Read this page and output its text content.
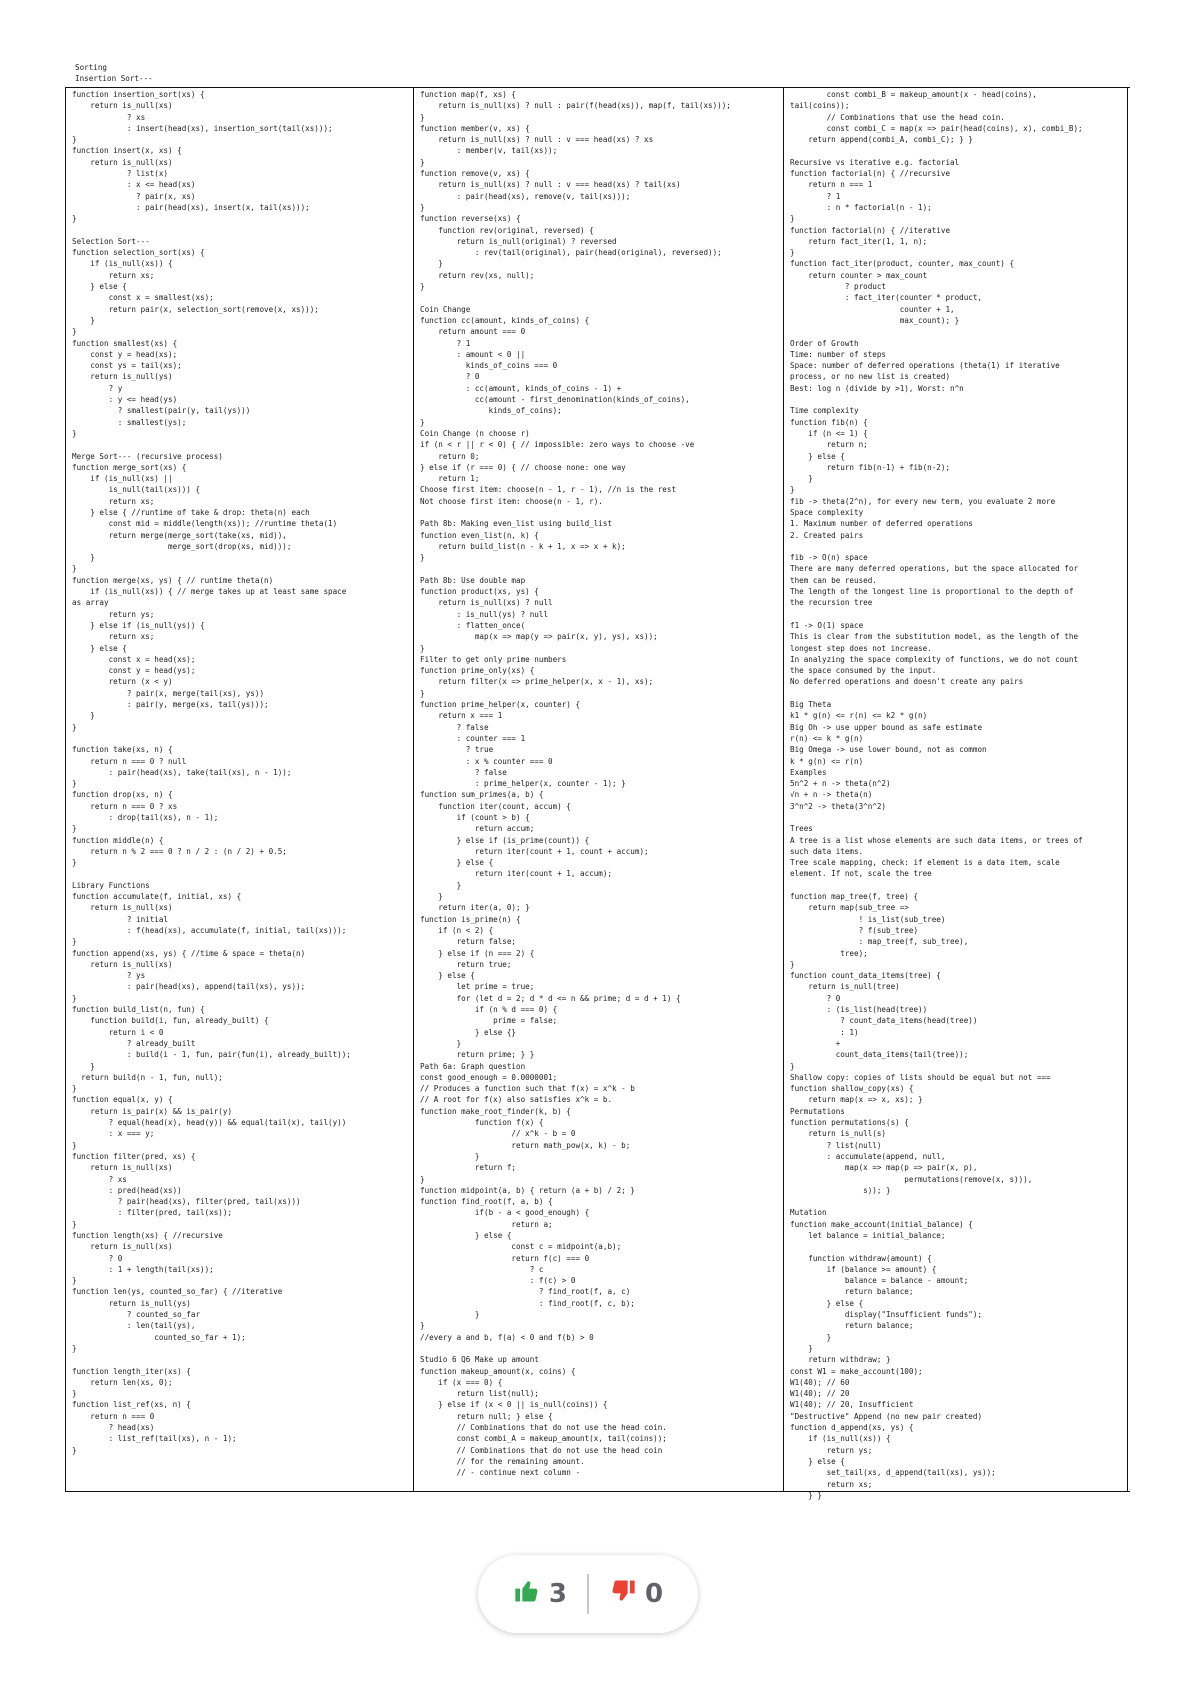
Sorting
Insertion Sort---
function insertion_sort(xs) {
return is_null(xs)
? xs
: insert(head(xs), insertion_sort(tail(xs)));
}
function insert(x, xs) {
return is_null(xs)
? list(x)
: x <= head(xs)
? pair(x, xs)
: pair(head(xs), insert(x, tail(xs)));
}

Selection Sort---
function selection_sort(xs) {
if (is_null(xs)) {
return xs;
} else {
const x = smallest(xs);
return pair(x, selection_sort(remove(x, xs)));
}
}
function smallest(xs) {
const y = head(xs);
const ys = tail(xs);
return is_null(ys)
? y
: y <= head(ys)
? smallest(pair(y, tail(ys)))
: smallest(ys);
}

Merge Sort--- (recursive process)
function merge_sort(xs) {
if (is_null(xs) ||
is_null(tail(xs))) {
return xs;
} else { //runtime of take & drop: theta(n) each
const mid = middle(length(xs)); //runtime theta(1)
return merge(merge_sort(take(xs, mid)),
merge_sort(drop(xs, mid)));
}
}
function merge(xs, ys) { // runtime theta(n)
if (is_null(xs)) { // merge takes up at least same space
as array
return ys;
} else if (is_null(ys)) {
return xs;
} else {
const x = head(xs);
const y = head(ys);
return (x < y)
? pair(x, merge(tail(xs), ys))
: pair(y, merge(xs, tail(ys)));
}
}

function take(xs, n) {
return n === 0 ? null
: pair(head(xs), take(tail(xs), n - 1));
}
function drop(xs, n) {
return n === 0 ? xs
: drop(tail(xs), n - 1);
}
function middle(n) {
return n % 2 === 0 ? n / 2 : (n / 2) + 0.5;
}

Library Functions
function accumulate(f, initial, xs) {
return is_null(xs)
? initial
: f(head(xs), accumulate(f, initial, tail(xs)));
}
function append(xs, ys) { //time & space = theta(n)
return is_null(xs)
? ys
: pair(head(xs), append(tail(xs), ys));
}
function build_list(n, fun) {
function build(i, fun, already_built) {
return i < 0
? already_built
: build(i - 1, fun, pair(fun(i), already_built));
}
return build(n - 1, fun, null);
}
function equal(x, y) {
return is_pair(x) && is_pair(y)
? equal(head(x), head(y)) && equal(tail(x), tail(y))
: x === y;
}
function filter(pred, xs) {
return is_null(xs)
? xs
: pred(head(xs))
? pair(head(xs), filter(pred, tail(xs)))
: filter(pred, tail(xs));
}
function length(xs) { //recursive
return is_null(xs)
? 0
: 1 + length(tail(xs));
}
function len(ys, counted_so_far) { //iterative
return is_null(ys)
? counted_so_far
: len(tail(ys),
counted_so_far + 1);
}

function length_iter(xs) {
return len(xs, 0);
}
function list_ref(xs, n) {
return n === 0
? head(xs)
: list_ref(tail(xs), n - 1);
}
function map(f, xs) {
return is_null(xs) ? null : pair(f(head(xs)), map(f, tail(xs)));
}
function member(v, xs) {
return is_null(xs) ? null : v === head(xs) ? xs
: member(v, tail(xs));
}
function remove(v, xs) {
return is_null(xs) ? null : v === head(xs) ? tail(xs)
: pair(head(xs), remove(v, tail(xs)));
}
function reverse(xs) {
function rev(original, reversed) {
return is_null(original) ? reversed
: rev(tail(original), pair(head(original), reversed));
}
return rev(xs, null);
}

Coin Change
function cc(amount, kinds_of_coins) {
return amount === 0
? 1
: amount < 0 ||
kinds_of_coins === 0
? 0
: cc(amount, kinds_of_coins - 1) +
cc(amount - first_denomination(kinds_of_coins),
kinds_of_coins);
}
Coin Change (n choose r)
if (n < r || r < 0) { // impossible: zero ways to choose -ve
return 0;
} else if (r === 0) { // choose none: one way
return 1;
Choose first item: choose(n - 1, r - 1), //n is the rest
Not choose first item: choose(n - 1, r).

Path 8b: Making even_list using build_list
function even_list(n, k) {
return build_list(n - k + 1, x => x + k);
}

Path 8b: Use double map
function product(xs, ys) {
return is_null(xs) ? null
: is_null(ys) ? null
: flatten_once(
map(x => map(y => pair(x, y), ys), xs));
}
Filter to get only prime numbers
function prime_only(xs) {
return filter(x => prime_helper(x, x - 1), xs);
}
function prime_helper(x, counter) {
return x === 1
? false
: counter === 1
? true
: x % counter === 0
? false
: prime_helper(x, counter - 1); }
function sum_primes(a, b) {
function iter(count, accum) {
if (count > b) {
return accum;
} else if (is_prime(count)) {
return iter(count + 1, count + accum);
} else {
return iter(count + 1, accum);
}
}
return iter(a, 0); }
function is_prime(n) {
if (n < 2) {
return false;
} else if (n === 2) {
return true;
} else {
let prime = true;
for (let d = 2; d * d <= n && prime; d = d + 1) {
if (n % d === 0) {
prime = false;
} else {}
}
return prime; } }
Path 6a: Graph question
const good_enough = 0.0000001;
// Produces a function such that f(x) = x^k - b
// A root for f(x) also satisfies x^k = b.
function make_root_finder(k, b) {
function f(x) {
// x^k - b = 0
return math_pow(x, k) - b;
}
return f;
}
function midpoint(a, b) { return (a + b) / 2; }
function find_root(f, a, b) {
if(b - a < good_enough) {
return a;
} else {
const c = midpoint(a,b);
return f(c) === 0
? c
: f(c) > 0
? find_root(f, a, c)
: find_root(f, c, b);
}
}
//every a and b, f(a) < 0 and f(b) > 0

Studio 6 Q6 Make up amount
function makeup_amount(x, coins) {
if (x === 0) {
return list(null);
} else if (x < 0 || is_null(coins)) {
return null; } else {
// Combinations that do not use the head coin.
const combi_A = makeup_amount(x, tail(coins));
// Combinations that do not use the head coin
// for the remaining amount.
// - continue next column -
const combi_B = makeup_amount(x - head(coins),
tail(coins));
// Combinations that use the head coin.
const combi_C = map(x => pair(head(coins), x), combi_B);
return append(combi_A, combi_C); } }

Recursive vs iterative e.g. factorial
function factorial(n) { //recursive
return n === 1
? 1
: n * factorial(n - 1);
}
function factorial(n) { //iterative
return fact_iter(1, 1, n);
}
function fact_iter(product, counter, max_count) {
return counter > max_count
? product
: fact_iter(counter * product,
counter + 1,
max_count); }

Order of Growth
Time: number of steps
Space: number of deferred operations (theta(1) if iterative
process, or no new list is created)
Best: log n (divide by >1), Worst: n^n

Time complexity
function fib(n) {
if (n <= 1) {
return n;
} else {
return fib(n-1) + fib(n-2);
}
}
fib -> theta(2^n), for every new term, you evaluate 2 more
Space complexity
1. Maximum number of deferred operations
2. Created pairs

fib -> O(n) space
There are many deferred operations, but the space allocated for
them can be reused.
The length of the longest line is proportional to the depth of
the recursion tree

f1 -> O(1) space
This is clear from the substitution model, as the length of the
longest step does not increase.
In analyzing the space complexity of functions, we do not count
the space consumed by the input.
No deferred operations and doesn't create any pairs

Big Theta
k1 * g(n) <= r(n) <= k2 * g(n)
Big Oh -> use upper bound as safe estimate
r(n) <= k * g(n)
Big Omega -> use lower bound, not as common
k * g(n) <= r(n)
Examples
5n^2 + n -> theta(n^2)
√n + n -> theta(n)
3^n^2 -> theta(3^n^2)

Trees
A tree is a list whose elements are such data items, or trees of
such data items.
Tree scale mapping, check: if element is a data item, scale
element. If not, scale the tree

function map_tree(f, tree) {
return map(sub_tree =>
! is_list(sub_tree)
? f(sub_tree)
: map_tree(f, sub_tree),
tree);
}
function count_data_items(tree) {
return is_null(tree)
? 0
: (is_list(head(tree))
? count_data_items(head(tree))
: 1)
+
count_data_items(tail(tree));
}
Shallow copy: copies of lists should be equal but not ===
function shallow_copy(xs) {
return map(x => x, xs); }
Permutations
function permutations(s) {
return is_null(s)
? list(null)
: accumulate(append, null,
map(x => map(p => pair(x, p),
permutations(remove(x, s))),
s)); }

Mutation
function make_account(initial_balance) {
let balance = initial_balance;

function withdraw(amount) {
if (balance >= amount) {
balance = balance - amount;
return balance;
} else {
display("Insufficient funds");
return balance;
}
}
return withdraw; }
const W1 = make_account(100);
W1(40); // 60
W1(40); // 20
W1(40); // 20, Insufficient
"Destructive" Append (no new pair created)
function d_append(xs, ys) {
if (is_null(xs)) {
return ys;
} else {
set_tail(xs, d_append(tail(xs), ys));
return xs;
} }
3	0
